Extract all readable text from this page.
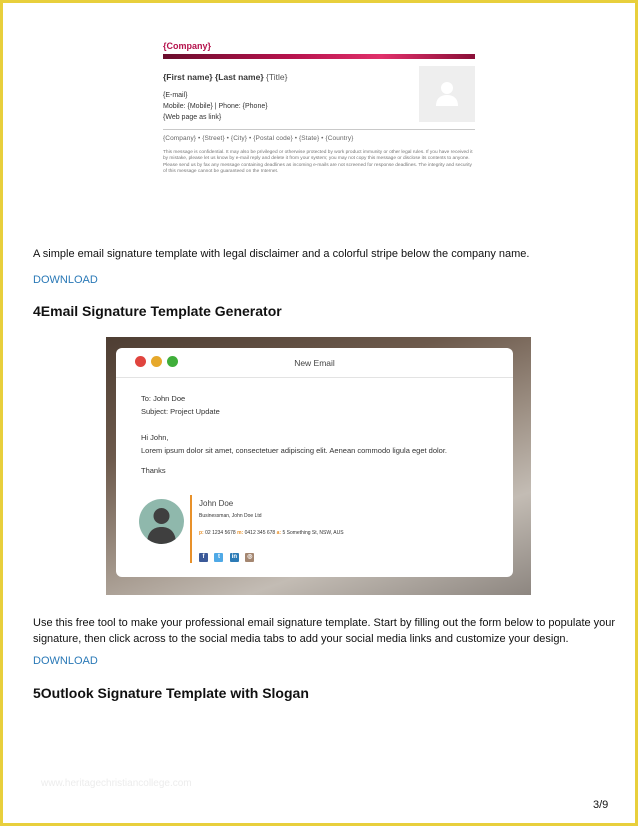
{Company}
{First name} {Last name} {Title}
{E-mail}
Mobile: {Mobile} | Phone: {Phone}
{Web page as link}
{Company} • {Street} • {City} • {Postal code} • {State} • {Country}
This message is confidential. It may also be privileged or otherwise protected by work product immunity or other legal rules. If you have received it by mistake, please let us know by e-mail reply and delete it from your system; you may not copy this message or disclose its contents to anyone. Please send us by fax any message containing deadlines as incoming e-mails are not screened for response deadlines. The integrity and security of this message cannot be guaranteed on the Internet.
A simple email signature template with legal disclaimer and a colorful stripe below the company name.
DOWNLOAD
4Email Signature Template Generator
New Email
To: John Doe
Subject: Project Update
Hi John,
Lorem ipsum dolor sit amet, consectetuer adipiscing elit. Aenean commodo ligula eget dolor.
Thanks
John Doe
Businessman, John Doe Ltd
p: 02 1234 5678 m: 0412 345 678 a: 5 Something St, NSW, AUS
f t in ◎
Use this free tool to make your professional email signature template. Start by filling out the form below to populate your signature, then click across to the social media tabs to add your social media links and customize your design.
DOWNLOAD
5Outlook Signature Template with Slogan
www.heritagechristiancollege.com
3/9
